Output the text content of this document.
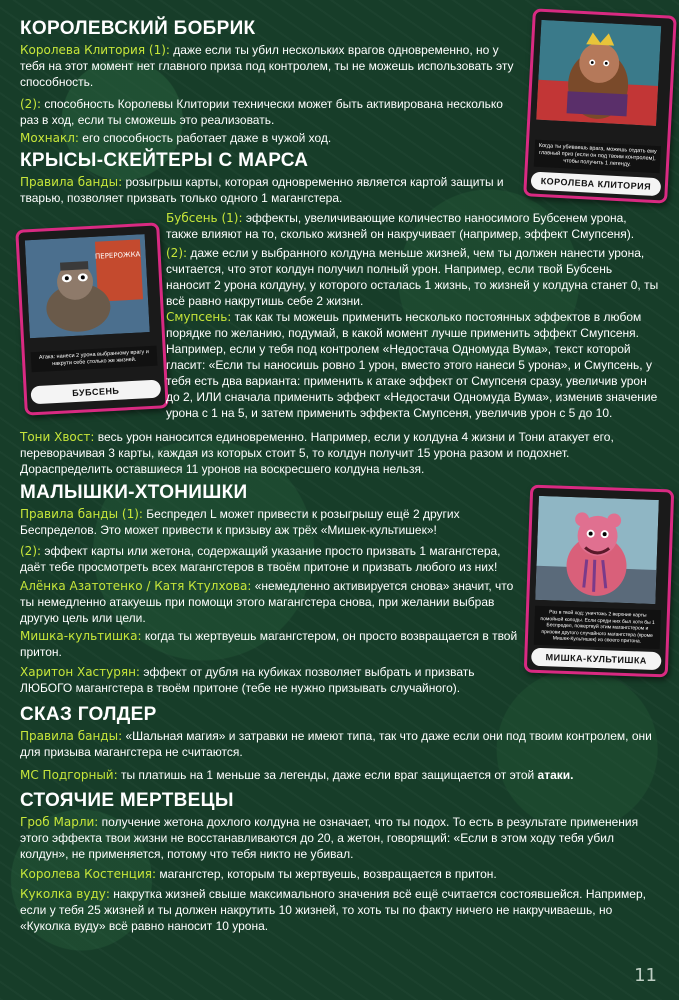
Когда ты убиваешь врага, можешь отдать ему главный приз (если он под твоим контролем), чтобы получить 1 легенду.
КОРОЛЕВА КЛИТОРИЯ
ПЕРЕРОЖКА
Атака: нанеси 2 урона выбранному врагу и накрути себе столько же жизней.
БУБСЕНЬ
Раз в твой ход: уничтожь 2 верхние карты помойной колоды. Если среди них был хотя бы 1 Беспредел, пожертвуй этим магангстером и призови другого случайного магангстера (кроме Мишек-Культишек) из своего притона.
МИШКА-КУЛЬТИШКА
КОРОЛЕВСКИЙ БОБРИК

Королева Клитория (1): даже если ты убил нескольких врагов одновременно, но у тебя на этот момент нет главного приза под контролем, ты не можешь использовать эту способность.

(2): способность Королевы Клитории технически может быть активирована несколько раз в ход, если ты сможешь это реализовать.

Мохнакл: его способность работает даже в чужой ход.

КРЫСЫ-СКЕЙТЕРЫ С МАРСА

Правила банды: розыгрыш карты, которая одновременно является картой защиты и тварью, позволяет призвать только одного 1 магангстера.

Бубсень (1): эффекты, увеличивающие количество наносимого Бубсенем урона, также влияют на то, сколько жизней он накручивает (например, эффект Смупсеня).

(2): даже если у выбранного колдуна меньше жизней, чем ты должен нанести урона, считается, что этот колдун получил полный урон. Например, если твой Бубсень наносит 2 урона колдуну, у которого осталась 1 жизнь, то жизней у колдуна станет 0, ты всё равно накрутишь себе 2 жизни.

Смупсень: так как ты можешь применить несколько постоянных эффектов в любом порядке по желанию, подумай, в какой момент лучше применить эффект Смупсеня. Например, если у тебя под контролем «Недостача Одномуда Вума», текст которой гласит: «Если ты наносишь ровно 1 урон, вместо этого нанеси 5 урона», и Смупсень, у тебя есть два варианта: применить к атаке эффект от Смупсеня сразу, увеличив урон до 2, ИЛИ сначала применить эффект «Недостачи Одномуда Вума», изменив значение урона с 1 на 5, и затем применить эффекта Смупсеня, увеличив урон с 5 до 10.

Тони Хвост: весь урон наносится единовременно. Например, если у колдуна 4 жизни и Тони атакует его, переворачивая 3 карты, каждая из которых стоит 5, то колдун получит 15 урона разом и подохнет. Дораспределить оставшиеся 11 уронов на воскресшего колдуна нельзя.

МАЛЫШКИ-ХТОНИШКИ

Правила банды (1): Беспредел L может привести к розыгрышу ещё 2 других Беспределов. Это может привести к призыву аж трёх «Мишек-культишек»!

(2): эффект карты или жетона, содержащий указание просто призвать 1 магангстера, даёт тебе просмотреть всех магангстеров в твоём притоне и призвать любого из них!

Алёнка Азатотенко / Катя Ктулхова: «немедленно активируется снова» значит, что ты немедленно атакуешь при помощи этого магангстера снова, при желании выбрав другую цель или цели.

Мишка-культишка: когда ты жертвуешь магангстером, он просто возвращается в твой притон.

Харитон Хастурян: эффект от дубля на кубиках позволяет выбрать и призвать ЛЮБОГО магангстера в твоём притоне (тебе не нужно призывать случайного).

СКАЗ ГОЛДЕР

Правила банды: «Шальная магия» и затравки не имеют типа, так что даже если они под твоим контролем, они для призыва магангстера не считаются.

MC Подгорный: ты платишь на 1 меньше за легенды, даже если враг защищается от этой атаки.

СТОЯЧИЕ МЕРТВЕЦЫ

Гроб Марли: получение жетона дохлого колдуна не означает, что ты подох. То есть в результате применения этого эффекта твои жизни не восстанавливаются до 20, а жетон, говорящий: «Если в этом ходу тебя убил колдун», не применяется, потому что тебя никто не убивал.

Королева Костенция: магангстер, которым ты жертвуешь, возвращается в притон.

Куколка вуду: накрутка жизней свыше максимального значения всё ещё считается состоявшейся. Например, если у тебя 25 жизней и ты должен накрутить 10 жизней, то хоть ты по факту ничего не накручиваешь, но «Куколка вуду» всё равно наносит 10 урона.

11
